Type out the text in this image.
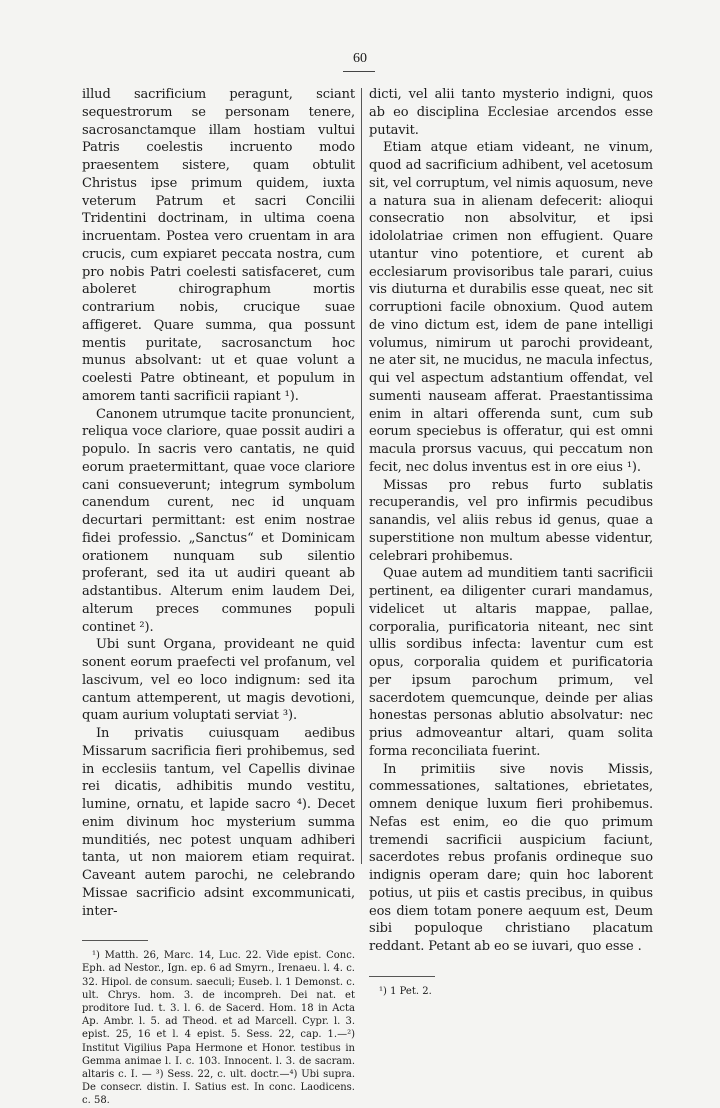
60

illud sacrificium peragunt, sciant sequestrorum se personam tenere, sacrosanctamque illam hostiam vultui Patris coelestis incruento modo praesentem sistere, quam obtulit Christus ipse primum quidem, iuxta veterum Patrum et sacri Concilii Tridentini doctrinam, in ultima coena incruentam. Postea vero cruentam in ara crucis, cum expiaret peccata nostra, cum pro nobis Patri coelesti satisfaceret, cum aboleret chirographum mortis contrarium nobis, crucique suae affigeret. Quare summa, qua possunt mentis puritate, sacrosanctum hoc munus absolvant: ut et quae volunt a coelesti Patre obtineant, et populum in amorem tanti sacrificii rapiant ¹).

Canonem utrumque tacite pronuncient, reliqua voce clariore, quae possit audiri a populo. In sacris vero cantatis, ne quid eorum praetermittant, quae voce clariore cani consueverunt; integrum symbolum canendum curent, nec id unquam decurtari permittant: est enim nostrae fidei professio. „Sanctus“ et Dominicam orationem nunquam sub silentio proferant, sed ita ut audiri queant ab adstantibus. Alterum enim laudem Dei, alterum preces communes populi continet ²).

Ubi sunt Organa, provideant ne quid sonent eorum praefecti vel profanum, vel lascivum, vel eo loco indignum: sed ita cantum attemperent, ut magis devotioni, quam aurium voluptati serviat ³).

In privatis cuiusquam aedibus Missarum sacrificia fieri prohibemus, sed in ecclesiis tantum, vel Capellis divinae rei dicatis, adhibitis mundo vestitu, lumine, ornatu, et lapide sacro ⁴). Decet enim divinum hoc mysterium summa munditiés, nec potest unquam adhiberi tanta, ut non maiorem etiam requirat. Caveant autem parochi, ne celebrando Missae sacrificio adsint excommunicati, inter-

¹) Matth. 26, Marc. 14, Luc. 22. Vide epist. Conc. Eph. ad Nestor., Ign. ep. 6 ad Smyrn., Irenaeu. l. 4. c. 32. Hipol. de consum. saeculi; Euseb. l. 1 Demonst. c. ult. Chrys. hom. 3. de incompreh. Dei nat. et proditore Iud. t. 3. l. 6. de Sacerd. Hom. 18 in Acta Ap. Ambr. l. 5. ad Theod. et ad Marcell. Cypr. l. 3. epist. 25, 16 et l. 4 epist. 5. Sess. 22, cap. 1.—²) Institut Vigilius Papa Hermone et Honor. testibus in Gemma animae l. I. c. 103. Innocent. l. 3. de sacram. altaris c. I. — ³) Sess. 22, c. ult. doctr.—⁴) Ubi supra. De consecr. distin. I. Satius est. In conc. Laodicens. c. 58.

dicti, vel alii tanto mysterio indigni, quos ab eo disciplina Ecclesiae arcendos esse putavit.

Etiam atque etiam videant, ne vinum, quod ad sacrificium adhibent, vel acetosum sit, vel corruptum, vel nimis aquosum, neve a natura sua in alienam defecerit: alioqui consecratio non absolvitur, et ipsi idololatriae crimen non effugient. Quare utantur vino potentiore, et curent ab ecclesiarum provisoribus tale parari, cuius vis diuturna et durabilis esse queat, nec sit corruptioni facile obnoxium. Quod autem de vino dictum est, idem de pane intelligi volumus, nimirum ut parochi provideant, ne ater sit, ne mucidus, ne macula infectus, qui vel aspectum adstantium offendat, vel sumenti nauseam afferat. Praestantissima enim in altari offerenda sunt, cum sub eorum speciebus is offeratur, qui est omni macula prorsus vacuus, qui peccatum non fecit, nec dolus inventus est in ore eius ¹).

Missas pro rebus furto sublatis recuperandis, vel pro infirmis pecudibus sanandis, vel aliis rebus id genus, quae a superstitione non multum abesse videntur, celebrari prohibemus.

Quae autem ad munditiem tanti sacrificii pertinent, ea diligenter curari mandamus, videlicet ut altaris mappae, pallae, corporalia, purificatoria niteant, nec sint ullis sordibus infecta: laventur cum est opus, corporalia quidem et purificatoria per ipsum parochum primum, vel sacerdotem quemcunque, deinde per alias honestas personas ablutio absolvatur: nec prius admoveantur altari, quam solita forma reconciliata fuerint.

In primitiis sive novis Missis, commessationes, saltationes, ebrietates, omnem denique luxum fieri prohibemus. Nefas est enim, eo die quo primum tremendi sacrificii auspicium faciunt, sacerdotes rebus profanis ordineque suo indignis operam dare; quin hoc laborent potius, ut piis et castis precibus, in quibus eos diem totam ponere aequum est, Deum sibi populoque christiano placatum reddant. Petant ab eo se iuvari, quo esse .

¹) 1 Pet. 2.
